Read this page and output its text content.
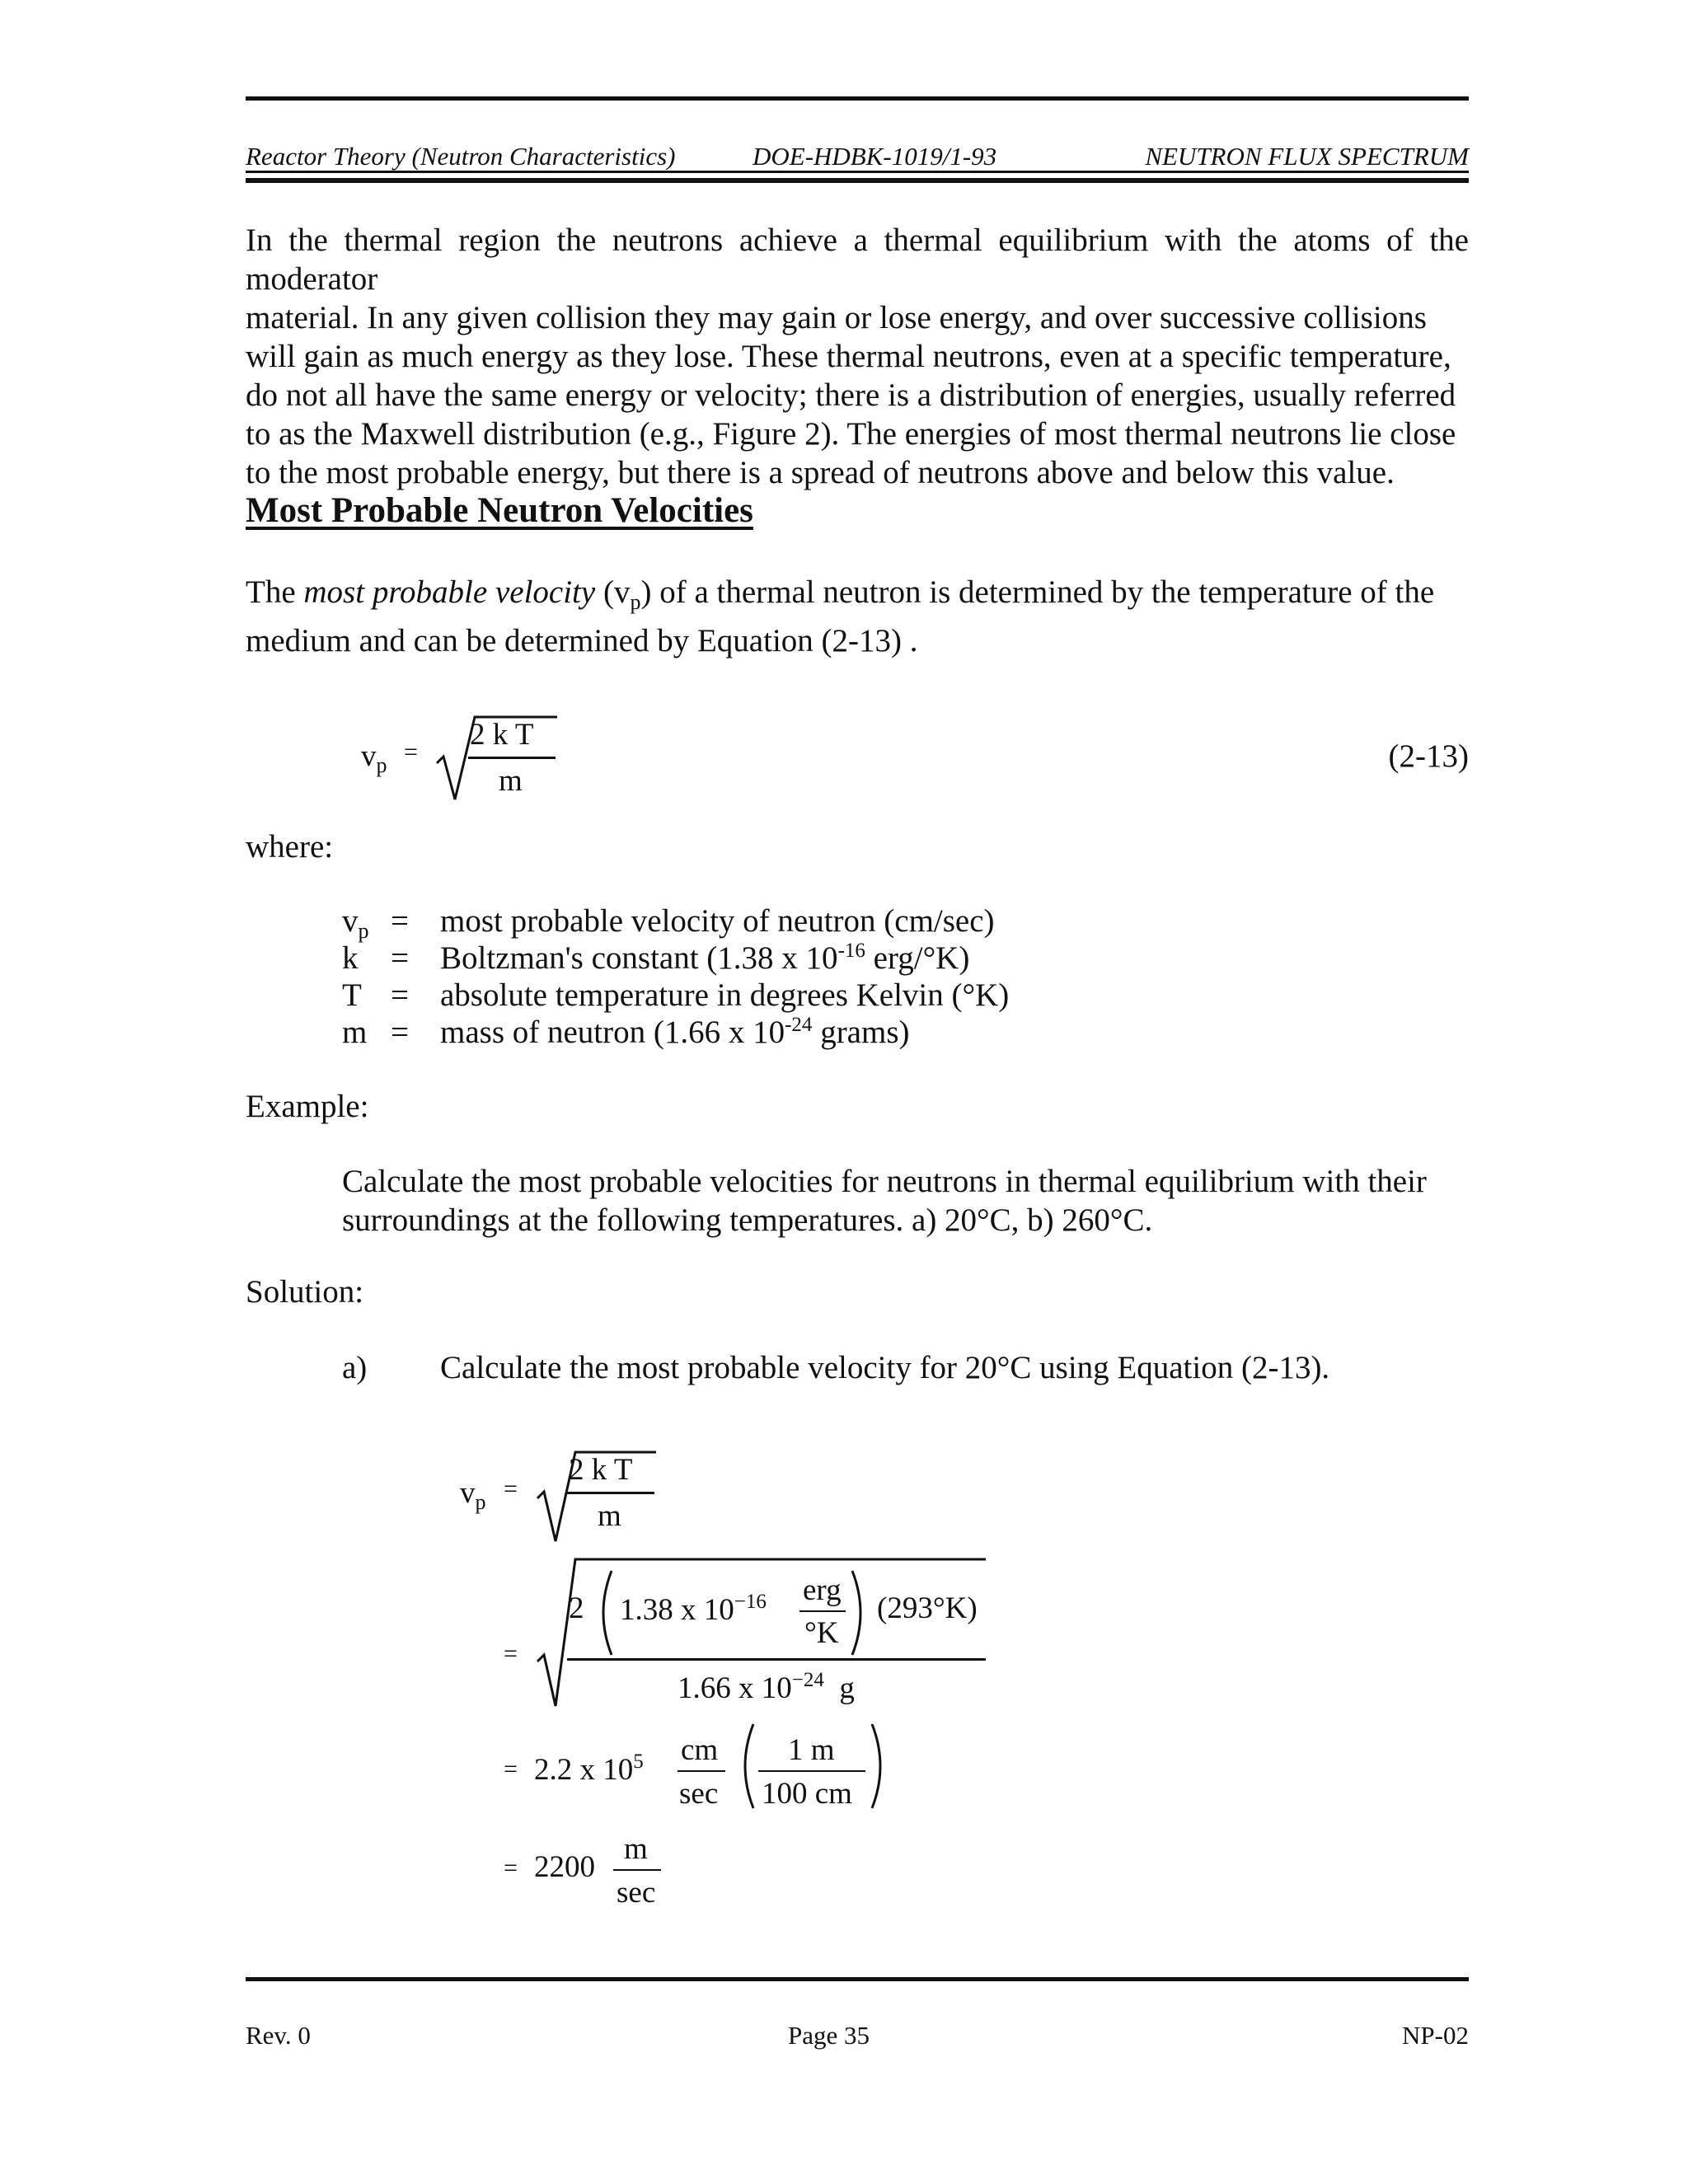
Reactor Theory (Neutron Characteristics)	DOE-HDBK-1019/1-93	NEUTRON FLUX SPECTRUM
In the thermal region the neutrons achieve a thermal equilibrium with the atoms of the moderator
material. In any given collision they may gain or lose energy, and over successive collisions
will gain as much energy as they lose. These thermal neutrons, even at a specific temperature,
do not all have the same energy or velocity; there is a distribution of energies, usually referred
to as the Maxwell distribution (e.g., Figure 2). The energies of most thermal neutrons lie close
to the most probable energy, but there is a spread of neutrons above and below this value.
Most Probable Neutron Velocities
The most probable velocity $(v_p)$ of a thermal neutron is determined by the temperature of the
medium and can be determined by Equation (2-13) .
$v_p$ =
2 k T
m
(2-13)
where:
$v_p$ = most probable velocity of neutron (cm/sec)
k = Boltzman's constant (1.38 x $10^{-16}$ erg/°K)
T = absolute temperature in degrees Kelvin (°K)
m = mass of neutron (1.66 x $10^{-24}$ grams)
Example:
Calculate the most probable velocities for neutrons in thermal equilibrium with their
surroundings at the following temperatures. a) 20°C, b) 260°C.
Solution:
a) Calculate the most probable velocity for 20°C using Equation (2-13).
$v_p$ =
2 k T
m
=
2 1.38 x $10^{-16}$ erg
°K
(293°K)
1.66 x $10^{-24}$ g
= 2.2 x $10^5$ cm
sec
1 m
100 cm
= 2200
m
sec
Rev. 0	Page 35	NP-02
